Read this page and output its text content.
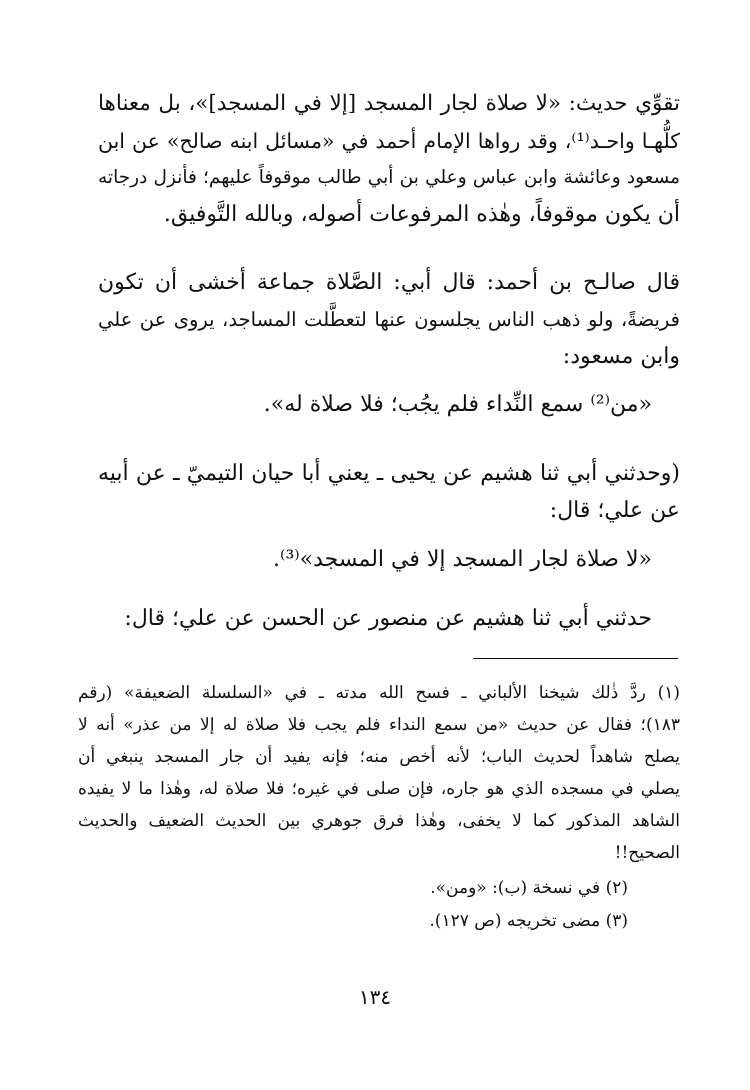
تقوِّي حديث: «لا صلاة لجار المسجد [إلا في المسجد]»، بل معناها
كلُّهـا واحـد⁽¹⁾، وقد رواها الإمام أحمد في «مسائل ابنه صالح» عن ابن
مسعود وعائشة وابن عباس وعلي بن أبي طالب موقوفاً عليهم؛ فأنزل درجاته
أن يكون موقوفاً، وهٰذه المرفوعات أصوله، وبالله التَّوفيق.
قال صالـح بن أحمد: قال أبي: الصَّلاة جماعة أخشى أن تكون
فريضةً، ولو ذهب الناس يجلسون عنها لتعطَّلت المساجد، يروى عن علي
وابن مسعود:
«من⁽²⁾ سمع النِّداء فلم يجُب؛ فلا صلاة له».
(وحدثني أبي ثنا هشيم عن يحيى ـ يعني أبا حيان التيميّ ـ عن أبيه
عن علي؛ قال:
«لا صلاة لجار المسجد إلا في المسجد»⁽³⁾.
حدثني أبي ثنا هشيم عن منصور عن الحسن عن علي؛ قال:
(١) ردَّ ذٰلك شيخنا الألباني ـ فسح الله مدته ـ في «السلسلة الضعيفة» (رقم
١٨٣)؛ فقال عن حديث «من سمع النداء فلم يجب فلا صلاة له إلا من عذر» أنه لا
يصلح شاهداً لحديث الباب؛ لأنه أخص منه؛ فإنه يفيد أن جار المسجد ينبغي أن
يصلي في مسجده الذي هو جاره، فإن صلى في غيره؛ فلا صلاة له، وهٰذا ما لا يفيده
الشاهد المذكور كما لا يخفى، وهٰذا فرق جوهري بين الحديث الضعيف والحديث
الصحيح!!
(٢) في نسخة (ب): «ومن».
(٣) مضى تخريجه (ص ١٢٧).
١٣٤
